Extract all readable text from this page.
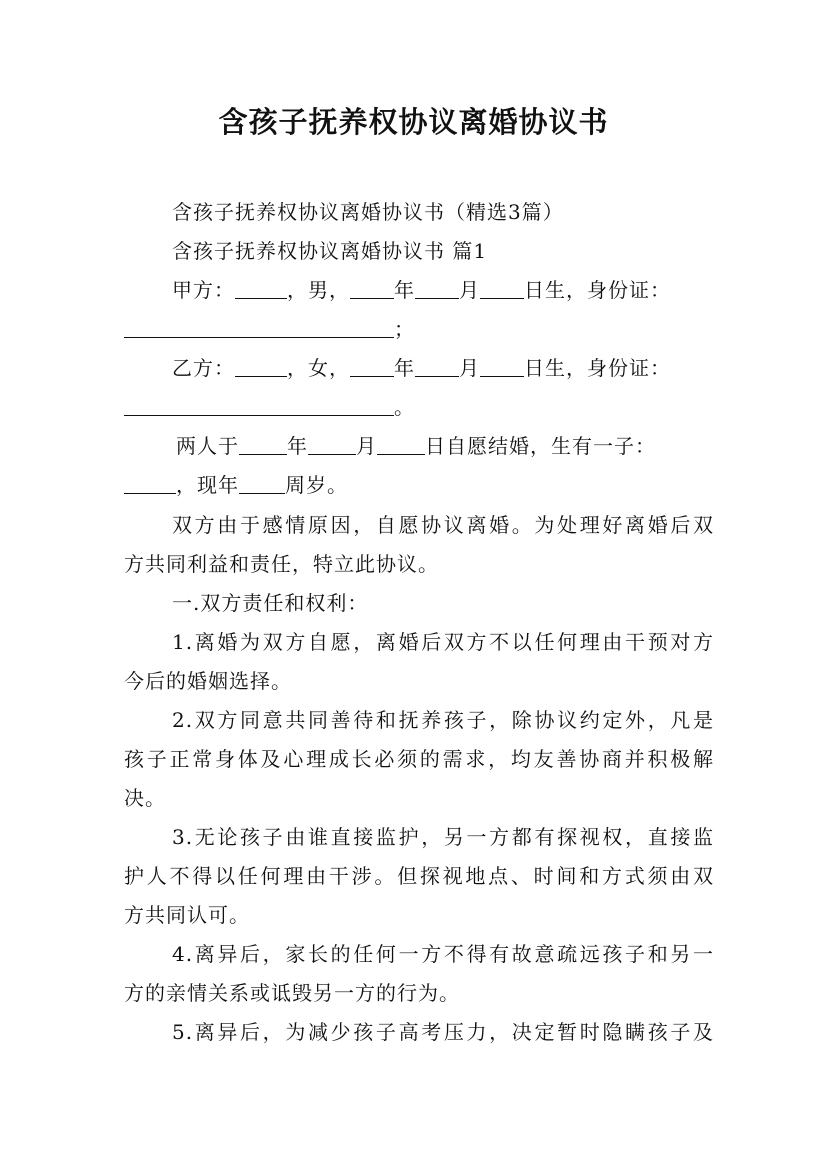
含孩子抚养权协议离婚协议书
含孩子抚养权协议离婚协议书（精选3篇）
含孩子抚养权协议离婚协议书 篇1
甲方：	，男， 年 月 日生，身份证：
；
乙方：	，女， 年 月 日生，身份证：
。
两人于 年 月 日自愿结婚，生有一子：
，现年 周岁。
双方由于感情原因，自愿协议离婚。为处理好离婚后双
方共同利益和责任，特立此协议。
一.双方责任和权利：
1.离婚为双方自愿，离婚后双方不以任何理由干预对方
今后的婚姻选择。
2.双方同意共同善待和抚养孩子，除协议约定外，凡是
孩子正常身体及心理成长必须的需求，均友善协商并积极解
决。
3.无论孩子由谁直接监护，另一方都有探视权，直接监
护人不得以任何理由干涉。但探视地点、时间和方式须由双
方共同认可。
4.离异后，家长的任何一方不得有故意疏远孩子和另一
方的亲情关系或诋毁另一方的行为。
5.离异后，为减少孩子高考压力，决定暂时隐瞒孩子及
